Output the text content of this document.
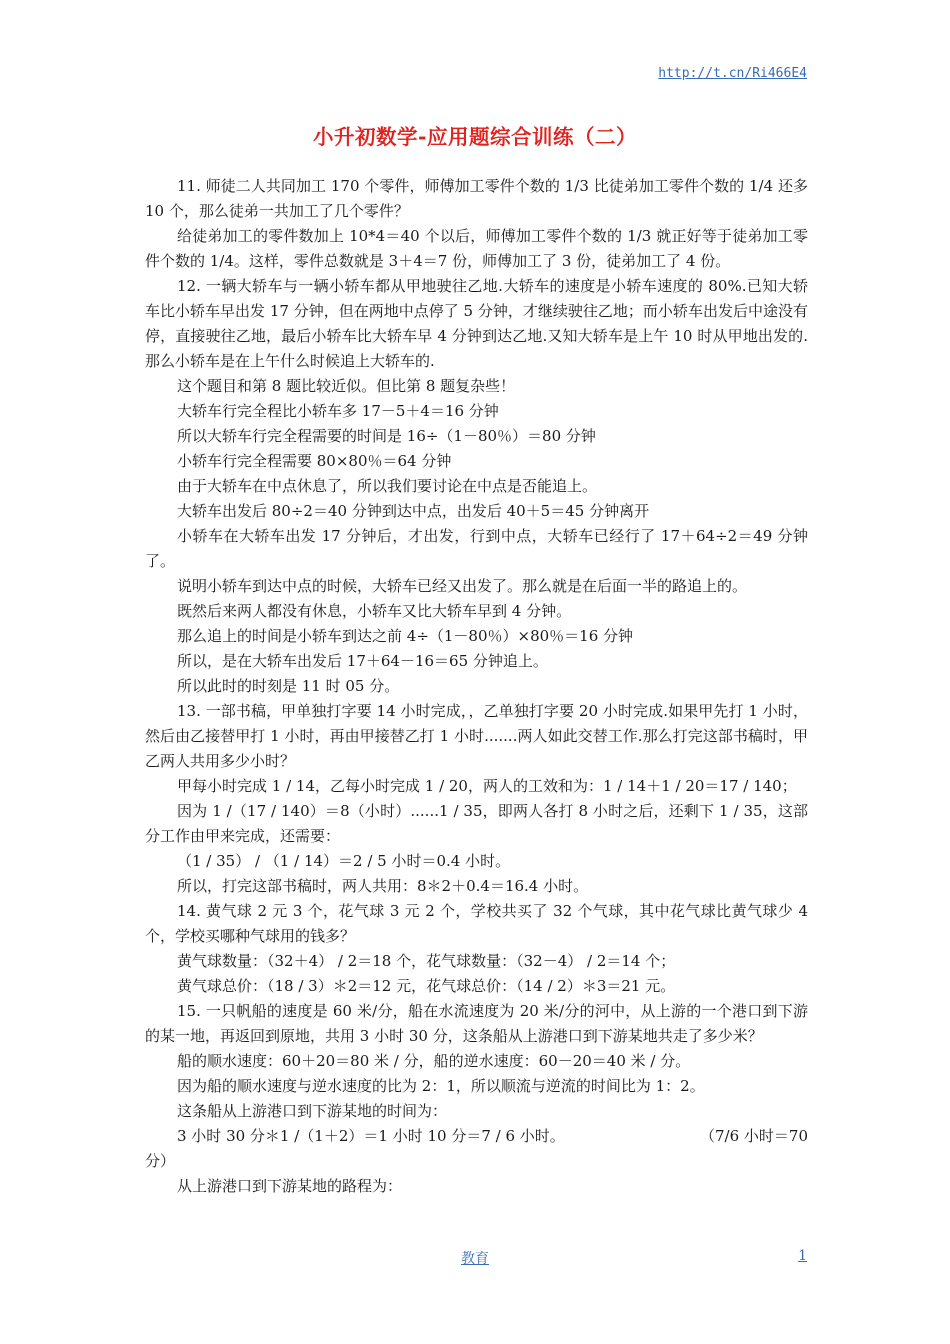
http://t.cn/Ri466E4
小升初数学-应用题综合训练（二）

11. 师徒二人共同加工 170 个零件，师傅加工零件个数的 1/3 比徒弟加工零件个数的 1/4 还多 10 个，那么徒弟一共加工了几个零件？

给徒弟加工的零件数加上 10*4＝40 个以后，师傅加工零件个数的 1/3 就正好等于徒弟加工零件个数的 1/4。这样，零件总数就是 3＋4＝7 份，师傅加工了 3 份，徒弟加工了 4 份。

12. 一辆大轿车与一辆小轿车都从甲地驶往乙地.大轿车的速度是小轿车速度的 80%.已知大轿车比小轿车早出发 17 分钟，但在两地中点停了 5 分钟，才继续驶往乙地；而小轿车出发后中途没有停，直接驶往乙地，最后小轿车比大轿车早 4 分钟到达乙地.又知大轿车是上午 10 时从甲地出发的.那么小轿车是在上午什么时候追上大轿车的.

这个题目和第 8 题比较近似。但比第 8 题复杂些！

大轿车行完全程比小轿车多 17－5＋4＝16 分钟

所以大轿车行完全程需要的时间是 16÷（1－80％）＝80 分钟

小轿车行完全程需要 80×80％＝64 分钟

由于大轿车在中点休息了，所以我们要讨论在中点是否能追上。

大轿车出发后 80÷2＝40 分钟到达中点，出发后 40＋5＝45 分钟离开

小轿车在大轿车出发 17 分钟后，才出发，行到中点，大轿车已经行了 17＋64÷2＝49 分钟了。

说明小轿车到达中点的时候，大轿车已经又出发了。那么就是在后面一半的路追上的。

既然后来两人都没有休息，小轿车又比大轿车早到 4 分钟。

那么追上的时间是小轿车到达之前 4÷（1－80％）×80％＝16 分钟

所以，是在大轿车出发后 17＋64－16＝65 分钟追上。

所以此时的时刻是 11 时 05 分。

13. 一部书稿，甲单独打字要 14 小时完成，，乙单独打字要 20 小时完成.如果甲先打 1 小时，然后由乙接替甲打 1 小时，再由甲接替乙打 1 小时.......两人如此交替工作.那么打完这部书稿时，甲乙两人共用多少小时？

甲每小时完成 1 / 14，乙每小时完成 1 / 20，两人的工效和为：1 / 14＋1 / 20＝17 / 140；

因为 1 /（17 / 140）＝8（小时）......1 / 35，即两人各打 8 小时之后，还剩下 1 / 35，这部分工作由甲来完成，还需要：

（1 / 35） / （1 / 14）＝2 / 5 小时＝0.4 小时。

所以，打完这部书稿时，两人共用：8＊2＋0.4＝16.4 小时。

14. 黄气球 2 元 3 个，花气球 3 元 2 个，学校共买了 32 个气球，其中花气球比黄气球少 4 个，学校买哪种气球用的钱多？

黄气球数量：（32＋4） / 2＝18 个，花气球数量：（32－4） / 2＝14 个；

黄气球总价：（18 / 3）＊2＝12 元，花气球总价：（14 / 2）＊3＝21 元。

15. 一只帆船的速度是 60 米/分，船在水流速度为 20 米/分的河中，从上游的一个港口到下游的某一地，再返回到原地，共用 3 小时 30 分，这条船从上游港口到下游某地共走了多少米？

船的顺水速度：60＋20＝80 米 / 分，船的逆水速度：60－20＝40 米 / 分。

因为船的顺水速度与逆水速度的比为 2：1，所以顺流与逆流的时间比为 1：2。

这条船从上游港口到下游某地的时间为：

3 小时 30 分＊1 /（1＋2）＝1 小时 10 分＝7 / 6 小时。	（7/6 小时＝70

分）

从上游港口到下游某地的路程为：

教育	1
